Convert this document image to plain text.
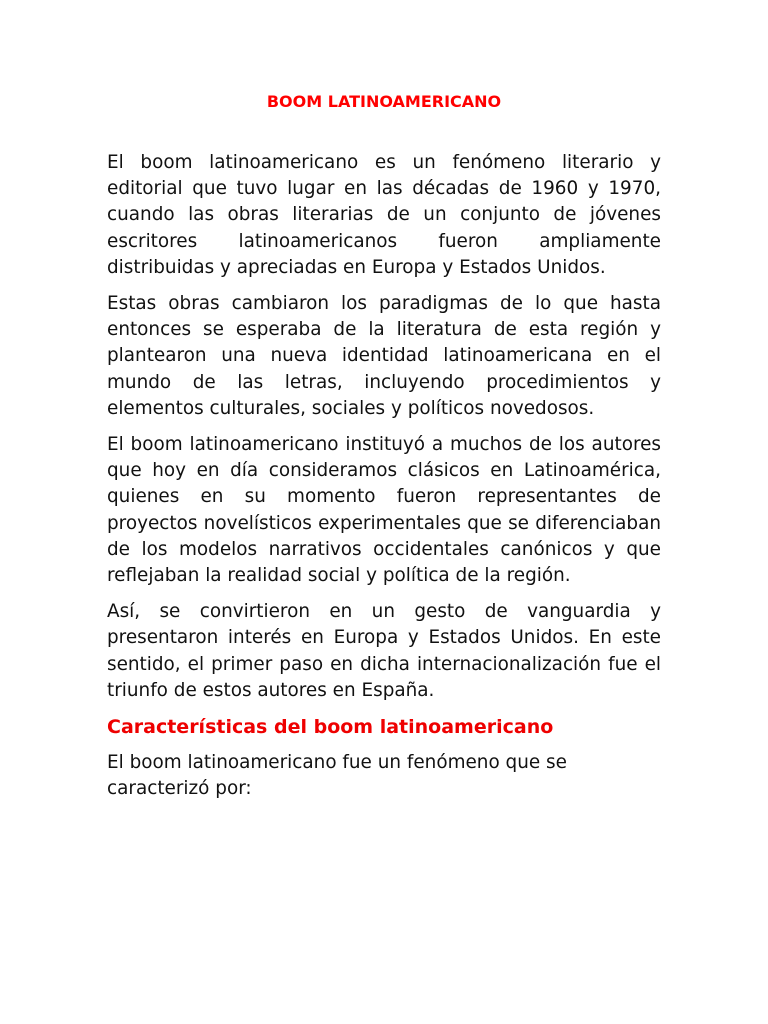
BOOM LATINOAMERICANO

El boom latinoamericano es un fenómeno literario y editorial que tuvo lugar en las décadas de 1960 y 1970, cuando las obras literarias de un conjunto de jóvenes escritores latinoamericanos fueron ampliamente distribuidas y apreciadas en Europa y Estados Unidos.

Estas obras cambiaron los paradigmas de lo que hasta entonces se esperaba de la literatura de esta región y plantearon una nueva identidad latinoamericana en el mundo de las letras, incluyendo procedimientos y elementos culturales, sociales y políticos novedosos.

El boom latinoamericano instituyó a muchos de los autores que hoy en día consideramos clásicos en Latinoamérica, quienes en su momento fueron representantes de proyectos novelísticos experimentales que se diferenciaban de los modelos narrativos occidentales canónicos y que reflejaban la realidad social y política de la región.

Así, se convirtieron en un gesto de vanguardia y presentaron interés en Europa y Estados Unidos. En este sentido, el primer paso en dicha internacionalización fue el triunfo de estos autores en España.

Características del boom latinoamericano

El boom latinoamericano fue un fenómeno que se caracterizó por:
